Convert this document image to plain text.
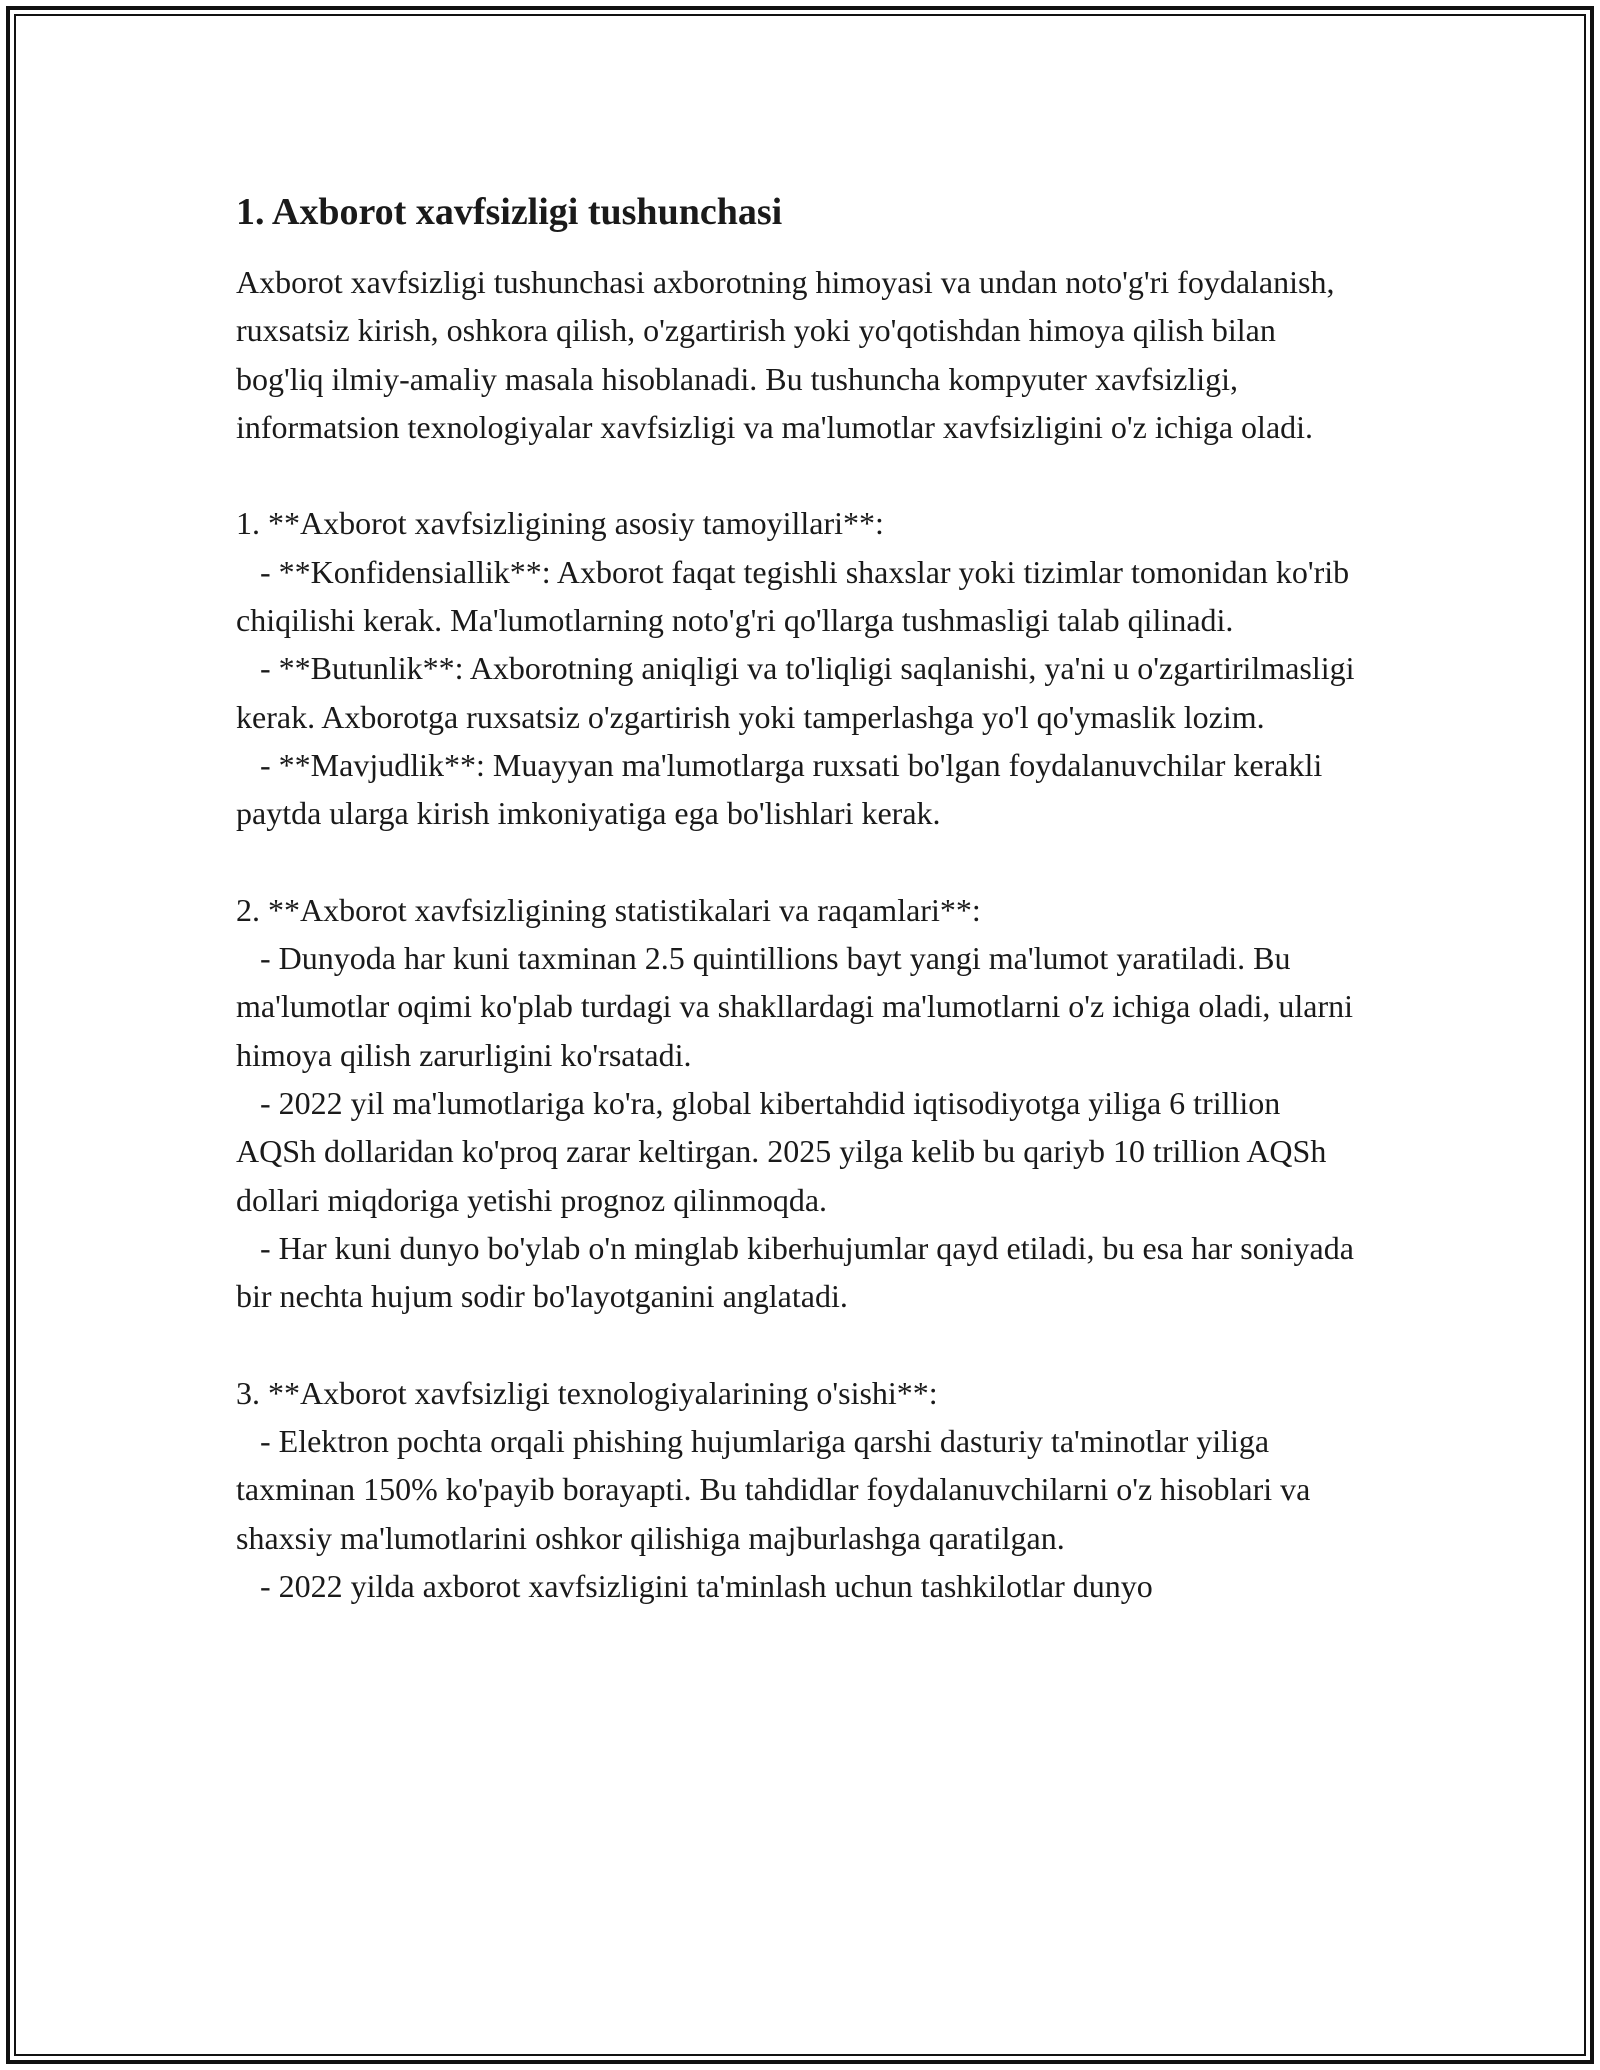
1. Axborot xavfsizligi tushunchasi

Axborot xavfsizligi tushunchasi axborotning himoyasi va undan noto'g'ri foydalanish, ruxsatsiz kirish, oshkora qilish, o'zgartirish yoki yo'qotishdan himoya qilish bilan bog'liq ilmiy-amaliy masala hisoblanadi. Bu tushuncha kompyuter xavfsizligi, informatsion texnologiyalar xavfsizligi va ma'lumotlar xavfsizligini o'z ichiga oladi.

1. **Axborot xavfsizligining asosiy tamoyillari**:

- **Konfidensiallik**: Axborot faqat tegishli shaxslar yoki tizimlar tomonidan ko'rib chiqilishi kerak. Ma'lumotlarning noto'g'ri qo'llarga tushmasligi talab qilinadi.

- **Butunlik**: Axborotning aniqligi va to'liqligi saqlanishi, ya'ni u o'zgartirilmasligi kerak. Axborotga ruxsatsiz o'zgartirish yoki tamperlashga yo'l qo'ymaslik lozim.

- **Mavjudlik**: Muayyan ma'lumotlarga ruxsati bo'lgan foydalanuvchilar kerakli paytda ularga kirish imkoniyatiga ega bo'lishlari kerak.

2. **Axborot xavfsizligining statistikalari va raqamlari**:

- Dunyoda har kuni taxminan 2.5 quintillions bayt yangi ma'lumot yaratiladi. Bu ma'lumotlar oqimi ko'plab turdagi va shakllardagi ma'lumotlarni o'z ichiga oladi, ularni himoya qilish zarurligini ko'rsatadi.

- 2022 yil ma'lumotlariga ko'ra, global kibertahdid iqtisodiyotga yiliga 6 trillion AQSh dollaridan ko'proq zarar keltirgan. 2025 yilga kelib bu qariyb 10 trillion AQSh dollari miqdoriga yetishi prognoz qilinmoqda.

- Har kuni dunyo bo'ylab o'n minglab kiberhujumlar qayd etiladi, bu esa har soniyada bir nechta hujum sodir bo'layotganini anglatadi.

3. **Axborot xavfsizligi texnologiyalarining o'sishi**:

- Elektron pochta orqali phishing hujumlariga qarshi dasturiy ta'minotlar yiliga taxminan 150% ko'payib borayapti. Bu tahdidlar foydalanuvchilarni o'z hisoblari va shaxsiy ma'lumotlarini oshkor qilishiga majburlashga qaratilgan.

- 2022 yilda axborot xavfsizligini ta'minlash uchun tashkilotlar dunyo
